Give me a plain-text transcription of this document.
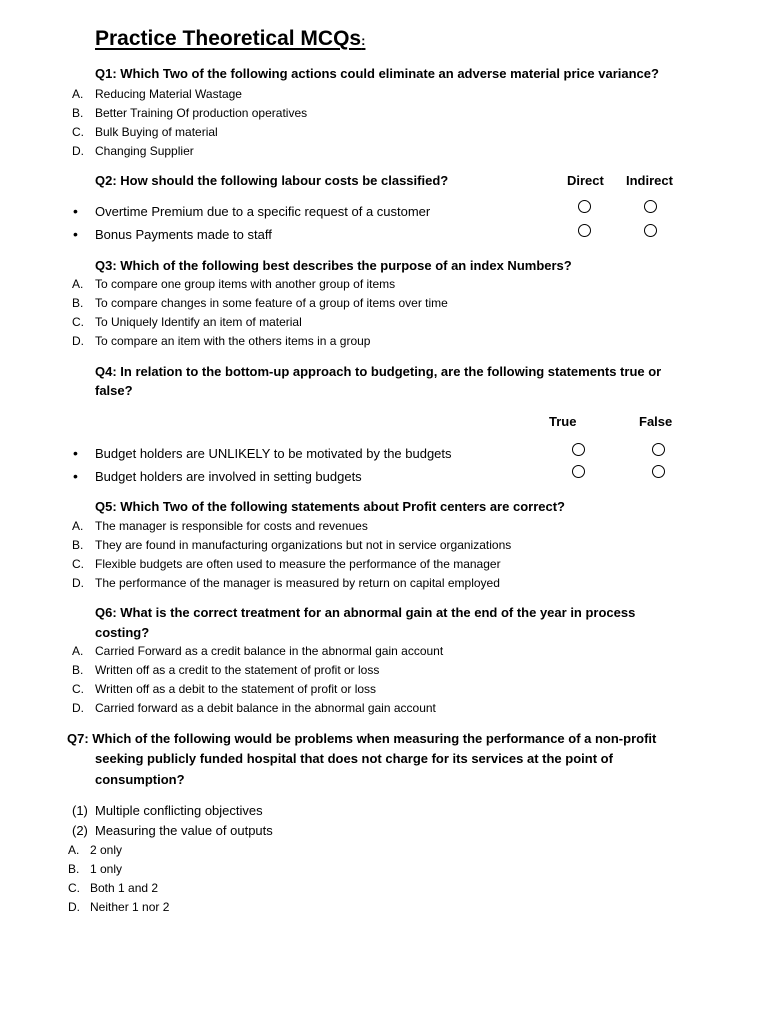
Practice Theoretical MCQs:
Q1: Which Two of the following actions could eliminate an adverse material price variance?
A. Reducing Material Wastage
B. Better Training Of production operatives
C. Bulk Buying of material
D. Changing Supplier
Q2: How should the following labour costs be classified?	Direct Indirect
• Overtime Premium due to a specific request of a customer
• Bonus Payments made to staff
Q3: Which of the following best describes the purpose of an index Numbers?
A. To compare one group items with another group of items
B. To compare changes in some feature of a group of items over time
C. To Uniquely Identify an item of material
D. To compare an item with the others items in a group
Q4: In relation to the bottom-up approach to budgeting, are the following statements true or
false?
True	False
• Budget holders are UNLIKELY to be motivated by the budgets
• Budget holders are involved in setting budgets
Q5: Which Two of the following statements about Profit centers are correct?
A. The manager is responsible for costs and revenues
B. They are found in manufacturing organizations but not in service organizations
C. Flexible budgets are often used to measure the performance of the manager
D. The performance of the manager is measured by return on capital employed
Q6: What is the correct treatment for an abnormal gain at the end of the year in process
costing?
A. Carried Forward as a credit balance in the abnormal gain account
B. Written off as a credit to the statement of profit or loss
C. Written off as a debit to the statement of profit or loss
D. Carried forward as a debit balance in the abnormal gain account
Q7: Which of the following would be problems when measuring the performance of a non-profit
seeking publicly funded hospital that does not charge for its services at the point of
consumption?
(1) Multiple conflicting objectives
(2) Measuring the value of outputs
A. 2 only
B. 1 only
C. Both 1 and 2
D. Neither 1 nor 2
